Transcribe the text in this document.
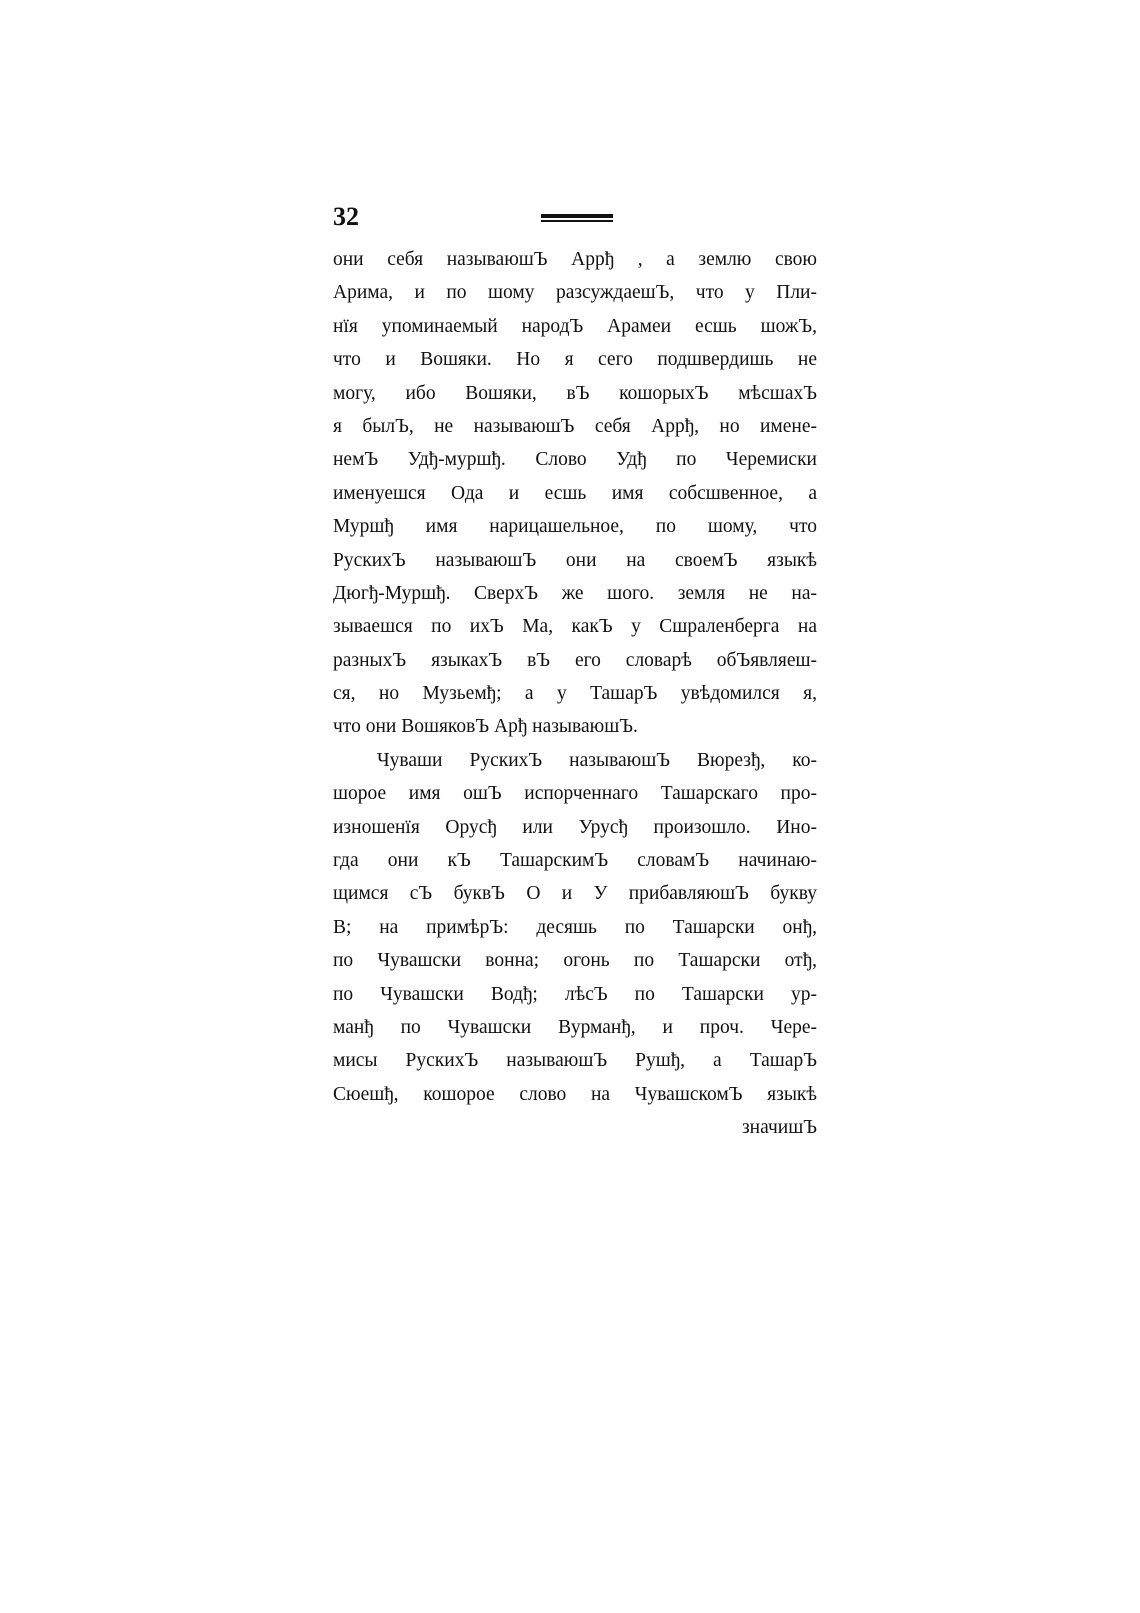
32
они себя называюшЪ Аррђ , а землю свою
Арима, и по шому разсуждаешЪ, что у Пли-
нїя упоминаемый народЪ Арамеи есшь шожЪ,
что и Вошяки. Но я сего подшвердишь не
могу, ибо Вошяки, вЪ кошорыхЪ мѣсшахЪ
я былЪ, не называюшЪ себя Аррђ, но имене-
немЪ Удђ-муршђ. Слово Удђ по Черемиски
именуешся Ода и есшь имя собсшвенное, а
Муршђ имя нарицашельное, по шому, что
РускихЪ называюшЪ они на своемЪ языкѣ
Дюгђ-Муршђ. СверхЪ же шого. земля не на-
зываешся по ихЪ Ма, какЪ у Сшраленберга на
разныхЪ языкахЪ вЪ его словарѣ обЪявляеш-
ся, но Музьемђ; а у ТашарЪ увѣдомился я,
что они ВошяковЪ Арђ называюшЪ.
Чуваши РускихЪ называюшЪ Вюрезђ, ко-
шорое имя ошЪ испорченнаго Ташарскаго про-
изношенїя Орусђ или Урусђ произошло. Ино-
гда они кЪ ТашарскимЪ словамЪ начинаю-
щимся сЪ буквЪ О и У прибавляюшЪ букву
В; на примѣрЪ: десяшь по Ташарски онђ,
по Чувашски вонна; огонь по Ташарски отђ,
по Чувашски Водђ; лѣсЪ по Ташарски ур-
манђ по Чувашски Вурманђ, и проч. Чере-
мисы РускихЪ называюшЪ Рушђ, а ТашарЪ
Сюешђ, кошорое слово на ЧувашскомЪ языкѣ
значишЪ
